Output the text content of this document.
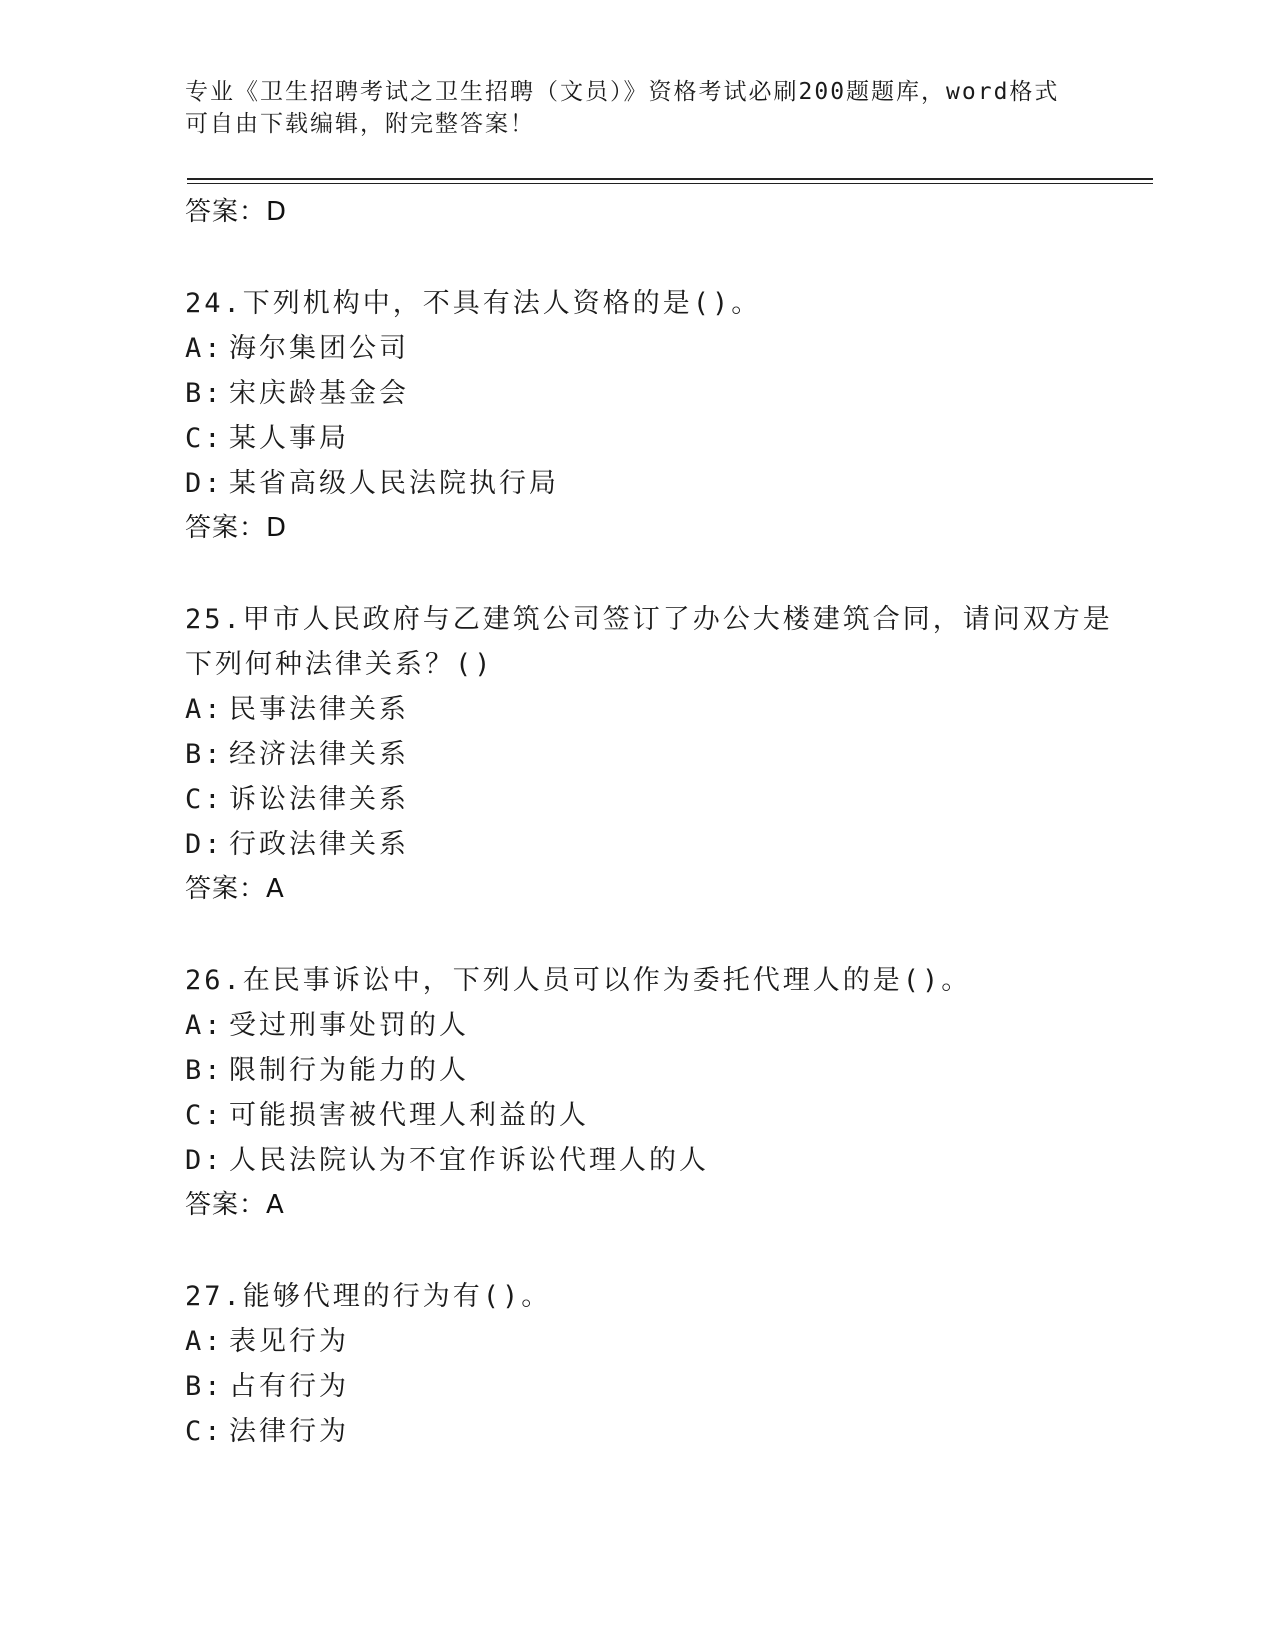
专业《卫生招聘考试之卫生招聘（文员）》资格考试必刷200题题库，word格式
可自由下载编辑，附完整答案！
答案：D
24.下列机构中，不具有法人资格的是()。
A: 海尔集团公司
B: 宋庆龄基金会
C: 某人事局
D: 某省高级人民法院执行局
答案：D
25.甲市人民政府与乙建筑公司签订了办公大楼建筑合同，请问双方是
下列何种法律关系？()
A: 民事法律关系
B: 经济法律关系
C: 诉讼法律关系
D: 行政法律关系
答案：A
26.在民事诉讼中，下列人员可以作为委托代理人的是()。
A: 受过刑事处罚的人
B: 限制行为能力的人
C: 可能损害被代理人利益的人
D: 人民法院认为不宜作诉讼代理人的人
答案：A
27.能够代理的行为有()。
A: 表见行为
B: 占有行为
C: 法律行为
